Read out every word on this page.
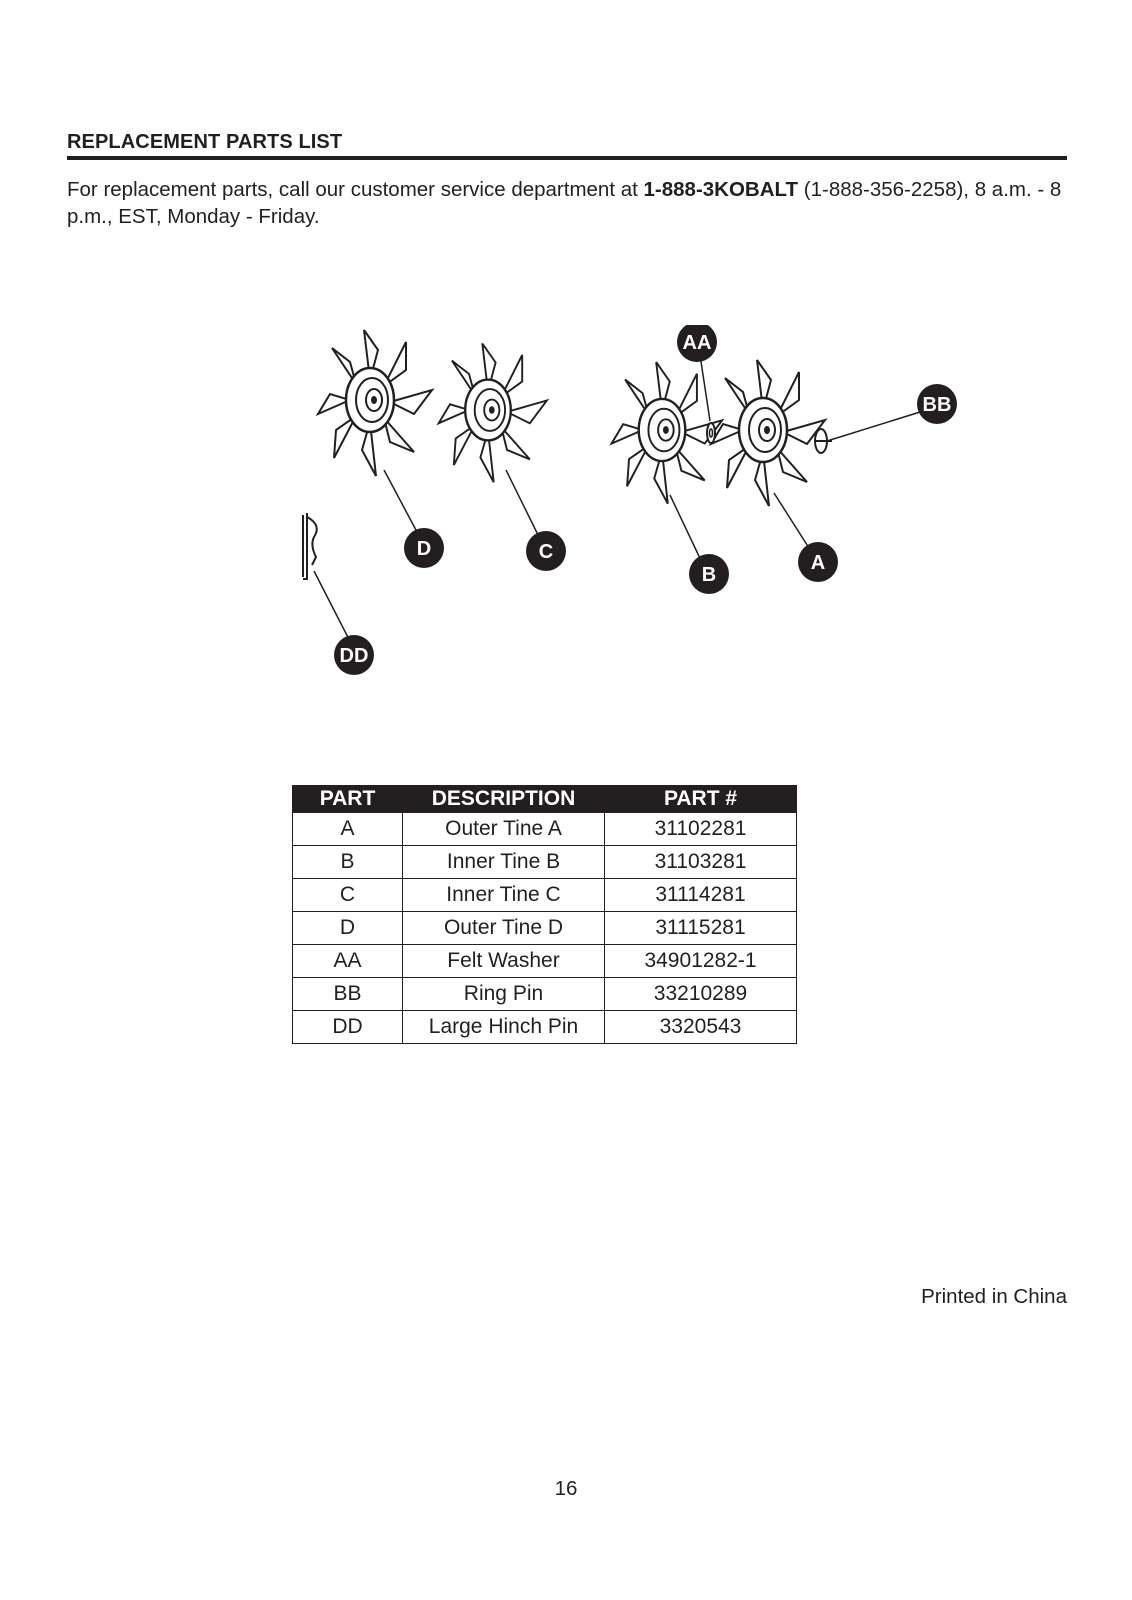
REPLACEMENT PARTS LIST
For replacement parts, call our customer service department at 1-888-3KOBALT (1-888-356-2258), 8 a.m. - 8 p.m., EST, Monday - Friday.
AA
BB
D	C
B
A
DD
PART	DESCRIPTION	PART #
A	Outer Tine A	31102281
B	Inner Tine B	31103281
C	Inner Tine C	31114281
D	Outer Tine D	31115281
AA	Felt Washer	34901282-1
BB	Ring Pin	33210289
DD	Large Hinch Pin	3320543
Printed in China
16
